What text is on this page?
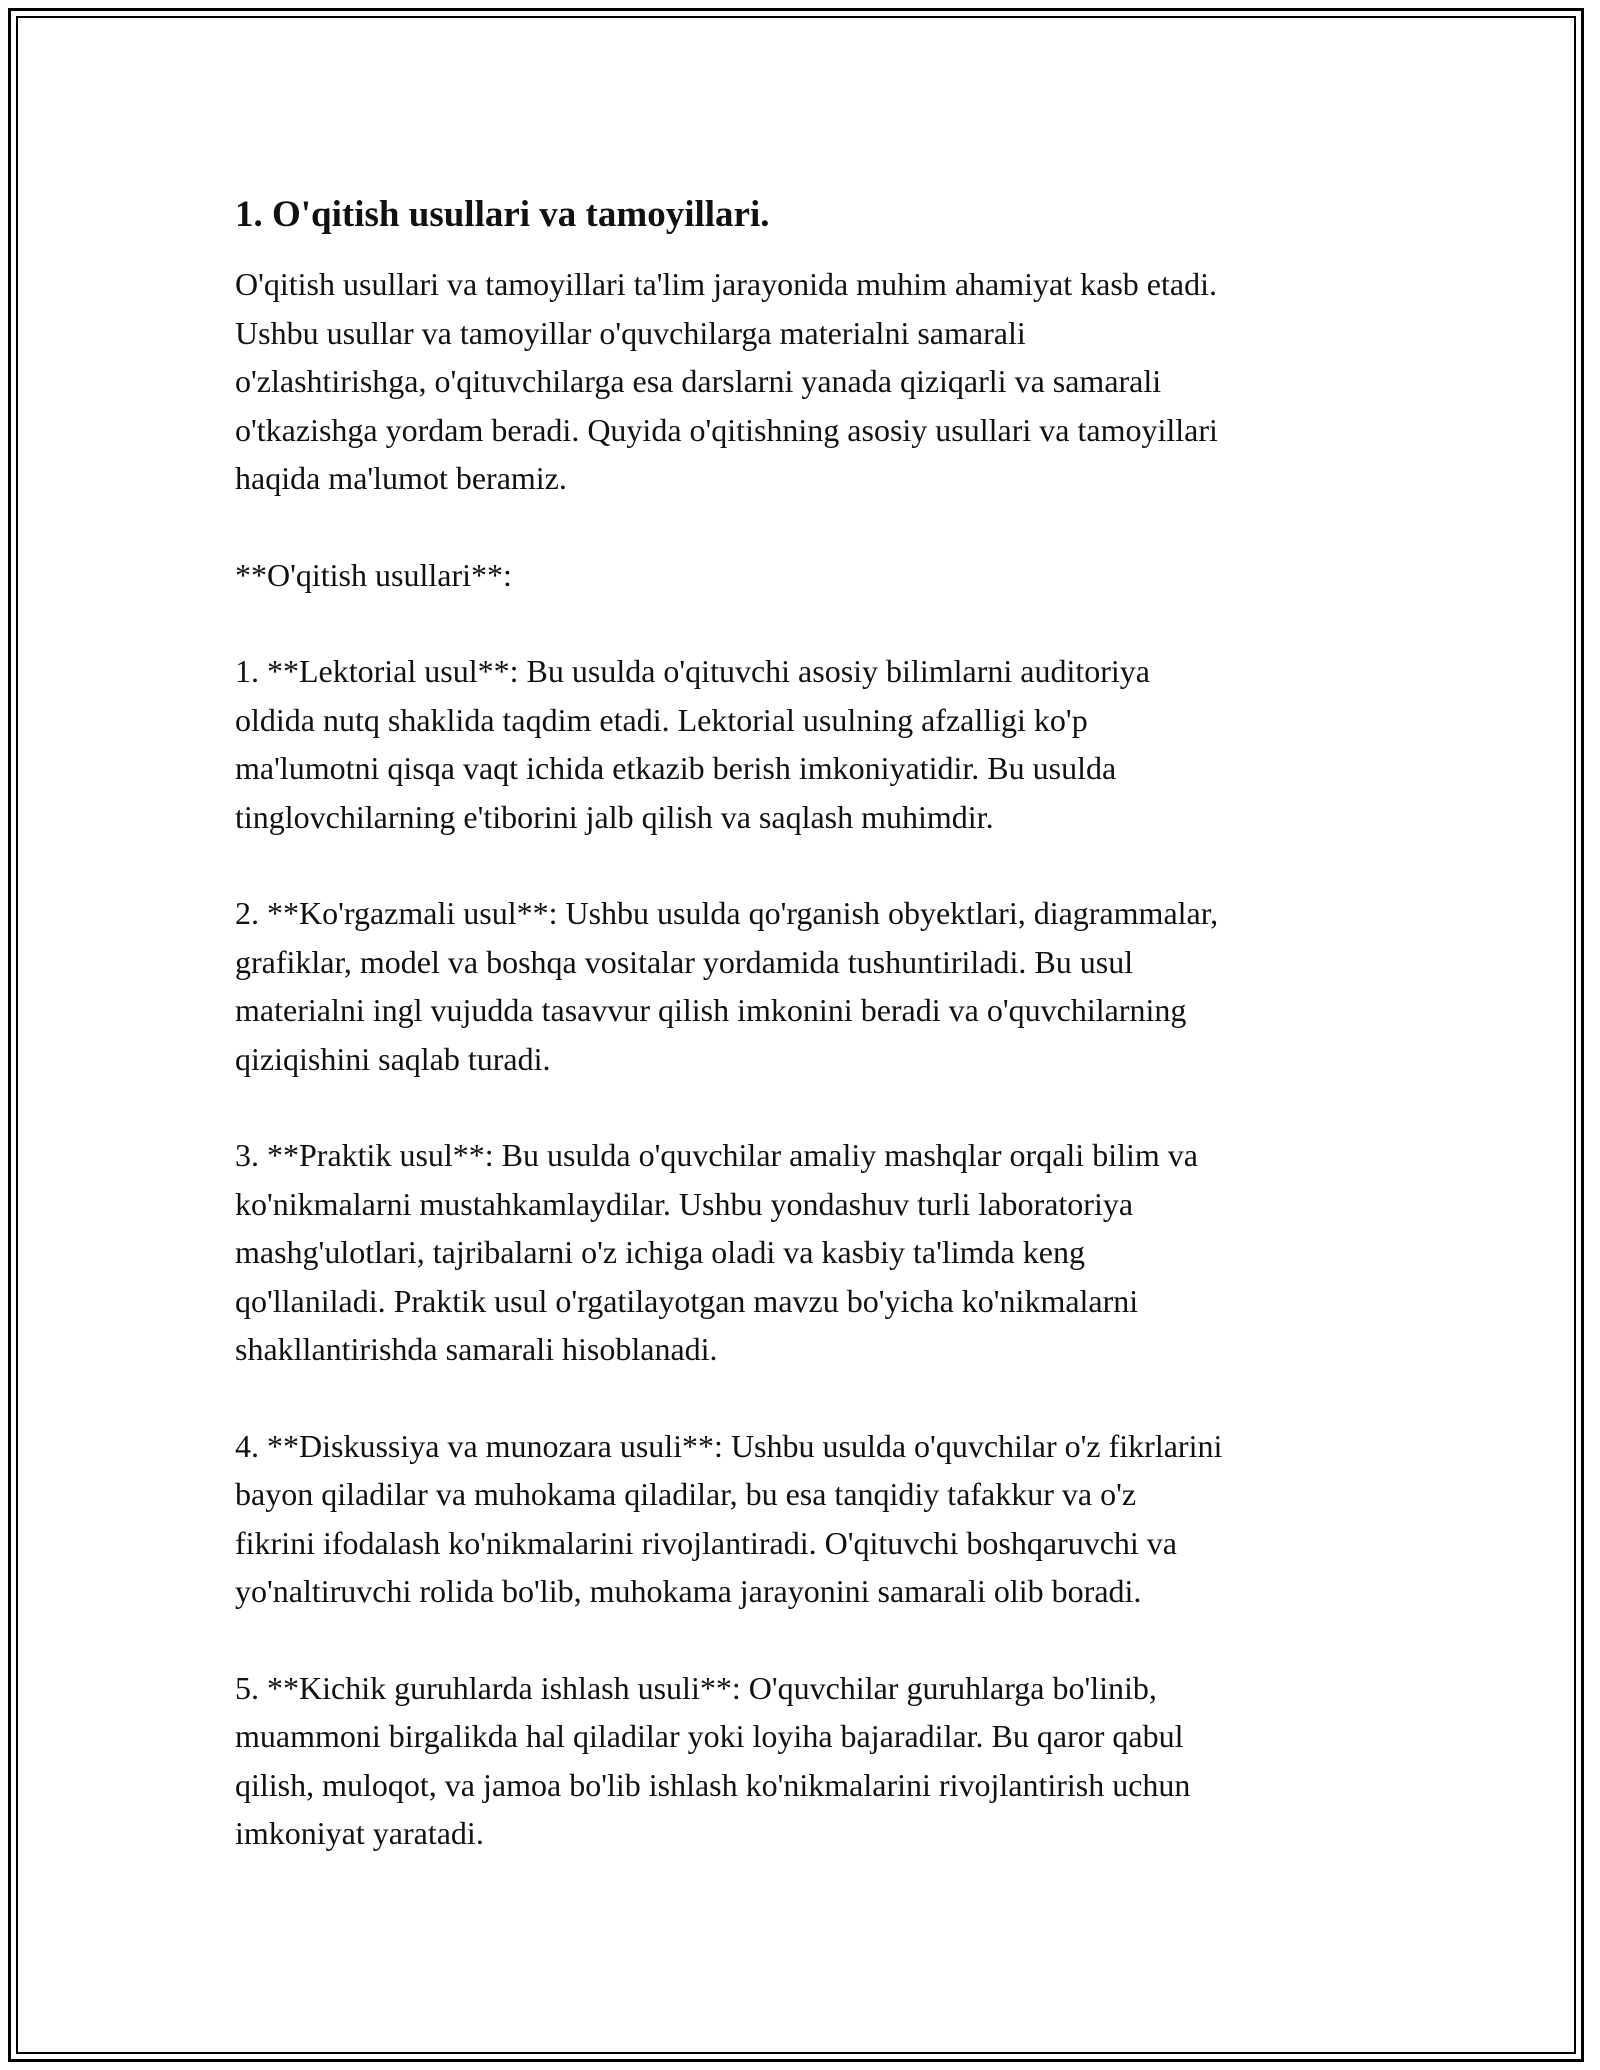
1. O'qitish usullari va tamoyillari.

O'qitish usullari va tamoyillari ta'lim jarayonida muhim ahamiyat kasb etadi.
Ushbu usullar va tamoyillar o'quvchilarga materialni samarali
o'zlashtirishga, o'qituvchilarga esa darslarni yanada qiziqarli va samarali
o'tkazishga yordam beradi. Quyida o'qitishning asosiy usullari va tamoyillari
haqida ma'lumot beramiz.

**O'qitish usullari**:

1. **Lektorial usul**: Bu usulda o'qituvchi asosiy bilimlarni auditoriya
oldida nutq shaklida taqdim etadi. Lektorial usulning afzalligi ko'p
ma'lumotni qisqa vaqt ichida etkazib berish imkoniyatidir. Bu usulda
tinglovchilarning e'tiborini jalb qilish va saqlash muhimdir.

2. **Ko'rgazmali usul**: Ushbu usulda qo'rganish obyektlari, diagrammalar,
grafiklar, model va boshqa vositalar yordamida tushuntiriladi. Bu usul
materialni ingl vujudda tasavvur qilish imkonini beradi va o'quvchilarning
qiziqishini saqlab turadi.

3. **Praktik usul**: Bu usulda o'quvchilar amaliy mashqlar orqali bilim va
ko'nikmalarni mustahkamlaydilar. Ushbu yondashuv turli laboratoriya
mashg'ulotlari, tajribalarni o'z ichiga oladi va kasbiy ta'limda keng
qo'llaniladi. Praktik usul o'rgatilayotgan mavzu bo'yicha ko'nikmalarni
shakllantirishda samarali hisoblanadi.

4. **Diskussiya va munozara usuli**: Ushbu usulda o'quvchilar o'z fikrlarini
bayon qiladilar va muhokama qiladilar, bu esa tanqidiy tafakkur va o'z
fikrini ifodalash ko'nikmalarini rivojlantiradi. O'qituvchi boshqaruvchi va
yo'naltiruvchi rolida bo'lib, muhokama jarayonini samarali olib boradi.

5. **Kichik guruhlarda ishlash usuli**: O'quvchilar guruhlarga bo'linib,
muammoni birgalikda hal qiladilar yoki loyiha bajaradilar. Bu qaror qabul
qilish, muloqot, va jamoa bo'lib ishlash ko'nikmalarini rivojlantirish uchun
imkoniyat yaratadi.
